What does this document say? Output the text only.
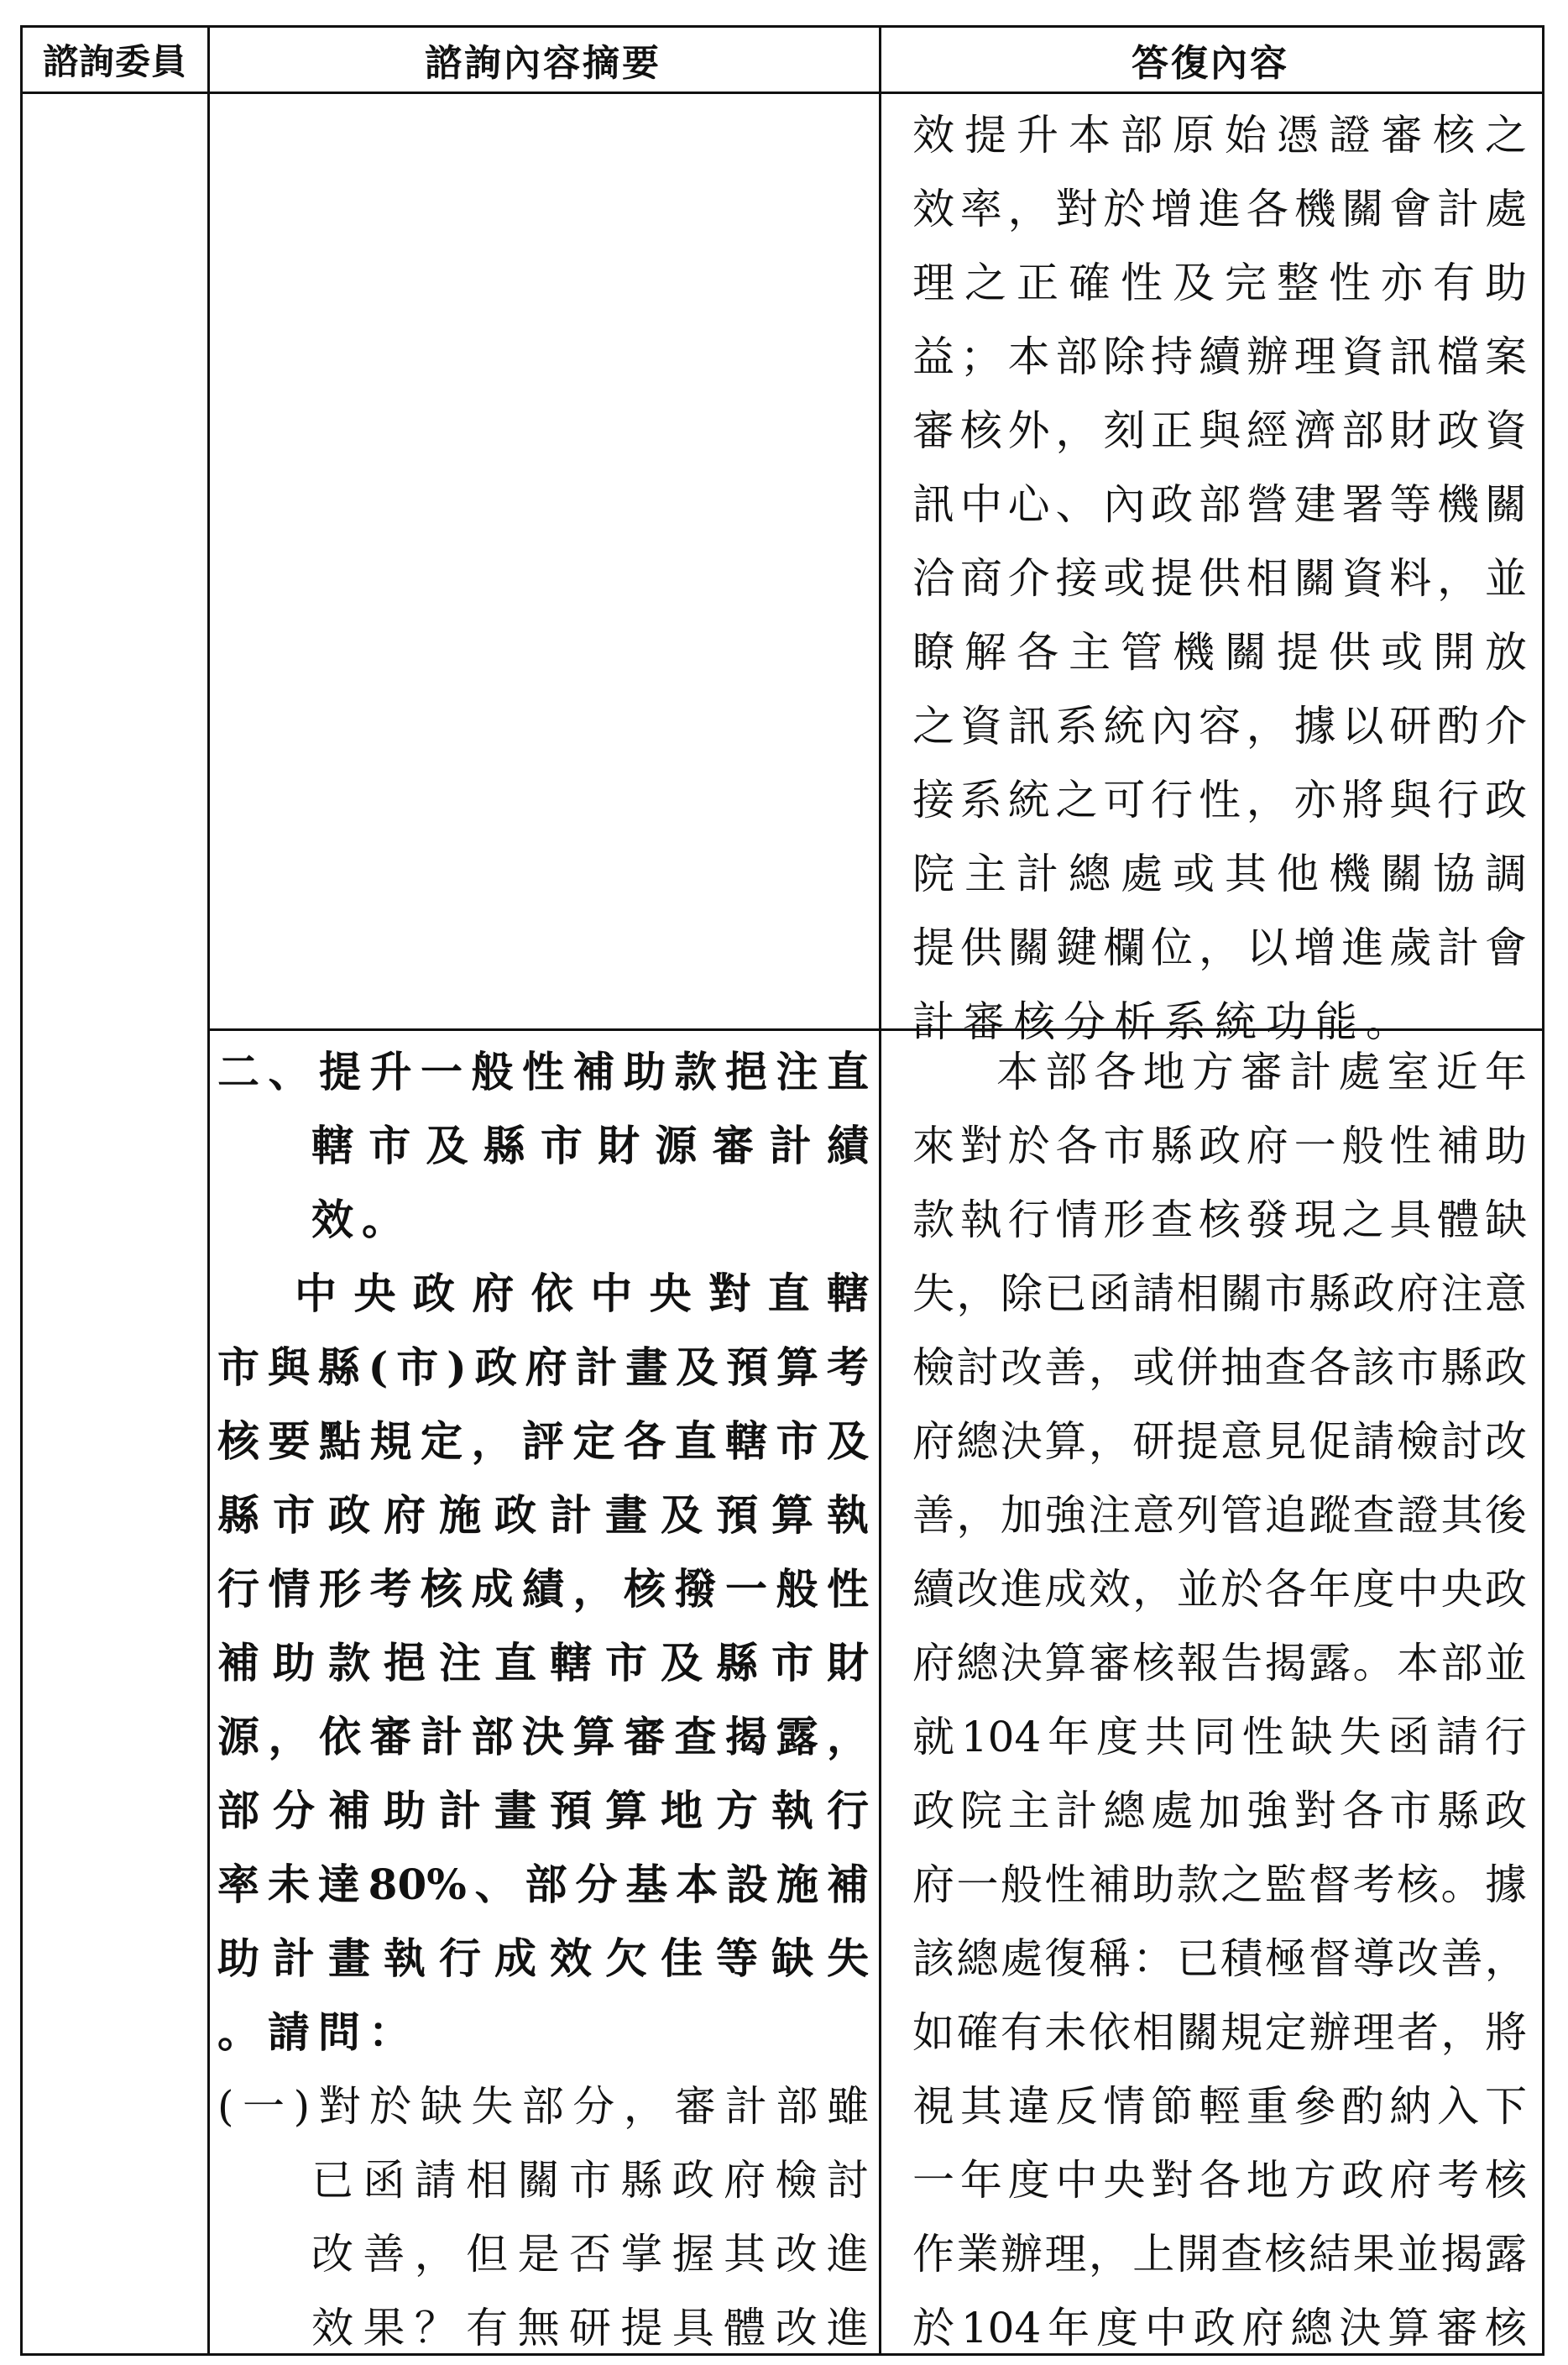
諮詢委員	諮詢內容摘要	答復內容

效 提 升 本 部 原 始 憑 證 審 核 之

效 率 ， 對 於 增 進 各 機 關 會 計 處

理 之 正 確 性 及 完 整 性 亦 有 助

益 ； 本 部 除 持 續 辦 理 資 訊 檔 案

審 核 外 ， 刻 正 與 經 濟 部 財 政 資

訊 中 心 、 內 政 部 營 建 署 等 機 關

洽 商 介 接 或 提 供 相 關 資 料 ， 並

瞭 解 各 主 管 機 關 提 供 或 開 放

之 資 訊 系 統 內 容 ， 據 以 研 酌 介

接 系 統 之 可 行 性 ， 亦 將 與 行 政

院 主 計 總 處 或 其 他 機 關 協 調

提 供 關 鍵 欄 位 ， 以 增 進 歲 計 會

計審核分析系統功能。

二 、 提 升 一 般 性 補 助 款 挹 注 直

轄 市 及 縣 市 財 源 審 計 績

效。

中 央 政 府 依 中 央 對 直 轄

市 與 縣 ( 市 ) 政 府 計 畫 及 預 算 考

核 要 點 規 定 ， 評 定 各 直 轄 市 及

縣 市 政 府 施 政 計 畫 及 預 算 執

行 情 形 考 核 成 績 ， 核 撥 一 般 性

補 助 款 挹 注 直 轄 市 及 縣 市 財

源 ， 依 審 計 部 決 算 審 查 揭 露 ，

部 分 補 助 計 畫 預 算 地 方 執 行

率 未 達 80% 、 部 分 基 本 設 施 補

助 計 畫 執 行 成 效 欠 佳 等 缺 失

。請問：

( 一 ) 對 於 缺 失 部 分 ， 審 計 部 雖

已 函 請 相 關 市 縣 政 府 檢 討

改 善 ， 但 是 否 掌 握 其 改 進

效 果 ？ 有 無 研 提 具 體 改 進

本 部 各 地 方 審 計 處 室 近 年

來 對 於 各 市 縣 政 府 一 般 性 補 助

款 執 行 情 形 查 核 發 現 之 具 體 缺

失 ， 除 已 函 請 相 關 市 縣 政 府 注 意

檢 討 改 善 ， 或 併 抽 查 各 該 市 縣 政

府 總 決 算 ， 研 提 意 見 促 請 檢 討 改

善 ， 加 強 注 意 列 管 追 蹤 查 證 其 後

續 改 進 成 效 ， 並 於 各 年 度 中 央 政

府 總 決 算 審 核 報 告 揭 露 。 本 部 並

就 104 年 度 共 同 性 缺 失 函 請 行

政 院 主 計 總 處 加 強 對 各 市 縣 政

府 一 般 性 補 助 款 之 監 督 考 核 。 據

該 總 處 復 稱 ： 已 積 極 督 導 改 善 ，

如 確 有 未 依 相 關 規 定 辦 理 者 ， 將

視 其 違 反 情 節 輕 重 參 酌 納 入 下

一 年 度 中 央 對 各 地 方 政 府 考 核

作 業 辦 理 ， 上 開 查 核 結 果 並 揭 露

於 104 年 度 中 政 府 總 決 算 審 核
